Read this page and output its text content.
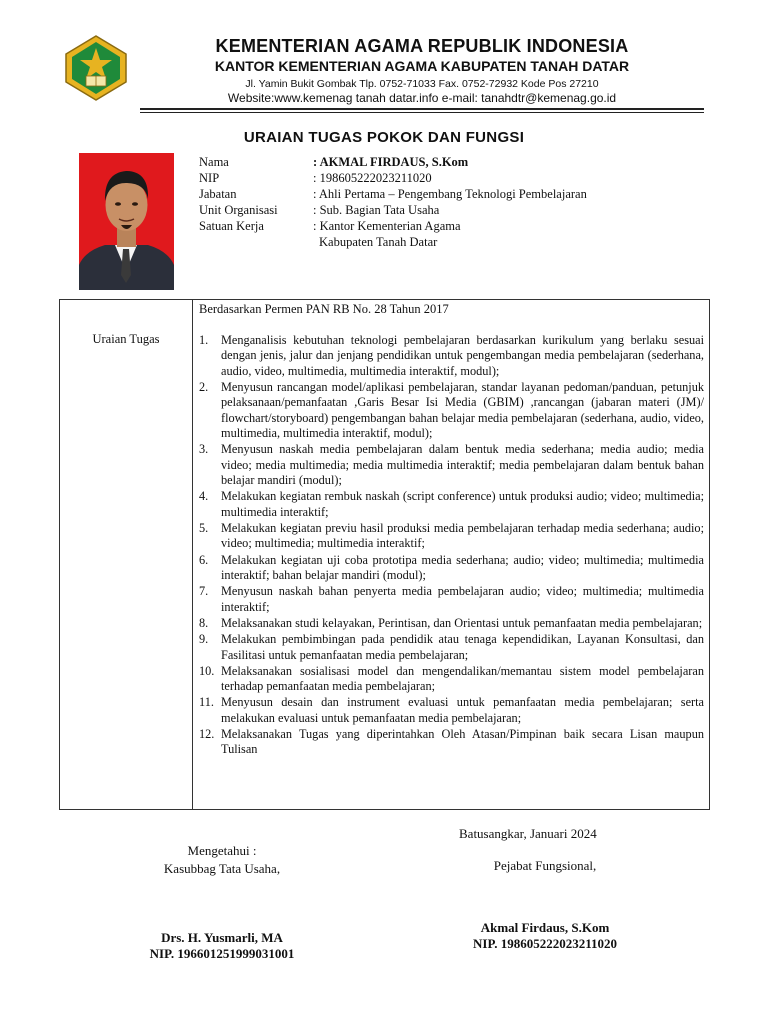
KEMENTERIAN AGAMA REPUBLIK INDONESIA
KANTOR KEMENTERIAN AGAMA KABUPATEN TANAH DATAR
Jl. Yamin Bukit Gombak Tlp. 0752-71033 Fax. 0752-72932 Kode Pos 27210
Website:www.kemenag tanah datar.info e-mail: tanahdtr@kemenag.go.id
URAIAN TUGAS POKOK DAN FUNGSI
Nama	: AKMAL FIRDAUS, S.Kom
NIP	: 198605222023211020
Jabatan	: Ahli Pertama – Pengembang Teknologi Pembelajaran
Unit Organisasi	: Sub. Bagian Tata Usaha
Satuan Kerja	: Kantor Kementerian Agama
Kabupaten Tanah Datar
Uraian Tugas
Berdasarkan Permen PAN RB No. 28 Tahun 2017
1. Menganalisis kebutuhan teknologi pembelajaran berdasarkan kurikulum yang berlaku sesuai dengan jenis, jalur dan jenjang pendidikan untuk pengembangan media pembelajaran (sederhana, audio, video, multimedia, multimedia interaktif, modul);
2. Menyusun rancangan model/aplikasi pembelajaran, standar layanan pedoman/panduan, petunjuk pelaksanaan/pemanfaatan ,Garis Besar Isi Media (GBIM) ,rancangan (jabaran materi (JM)/ flowchart/storyboard) pengembangan bahan belajar media pembelajaran (sederhana, audio, video, multimedia, multimedia interaktif, modul);
3. Menyusun naskah media pembelajaran dalam bentuk media sederhana; media audio; media video; media multimedia; media multimedia interaktif; media pembelajaran dalam bentuk bahan belajar mandiri (modul);
4. Melakukan kegiatan rembuk naskah (script conference) untuk produksi audio; video; multimedia; multimedia interaktif;
5. Melakukan kegiatan previu hasil produksi media pembelajaran terhadap media sederhana; audio; video; multimedia; multimedia interaktif;
6. Melakukan kegiatan uji coba prototipa media sederhana; audio; video; multimedia; multimedia interaktif; bahan belajar mandiri (modul);
7. Menyusun naskah bahan penyerta media pembelajaran audio; video; multimedia; multimedia interaktif;
8. Melaksanakan studi kelayakan, Perintisan, dan Orientasi untuk pemanfaatan media pembelajaran;
9. Melakukan pembimbingan pada pendidik atau tenaga kependidikan, Layanan Konsultasi, dan Fasilitasi untuk pemanfaatan media pembelajaran;
10. Melaksanakan sosialisasi model dan mengendalikan/memantau sistem model pembelajaran terhadap pemanfaatan media pembelajaran;
11. Menyusun desain dan instrument evaluasi untuk pemanfaatan media pembelajaran; serta melakukan evaluasi untuk pemanfaatan media pembelajaran;
12. Melaksanakan Tugas yang diperintahkan Oleh Atasan/Pimpinan baik secara Lisan maupun Tulisan
Batusangkar, Januari 2024
Mengetahui :
Kasubbag Tata Usaha,
Drs. H. Yusmarli, MA
NIP. 196601251999031001
Pejabat Fungsional,
Akmal Firdaus, S.Kom
NIP. 198605222023211020
